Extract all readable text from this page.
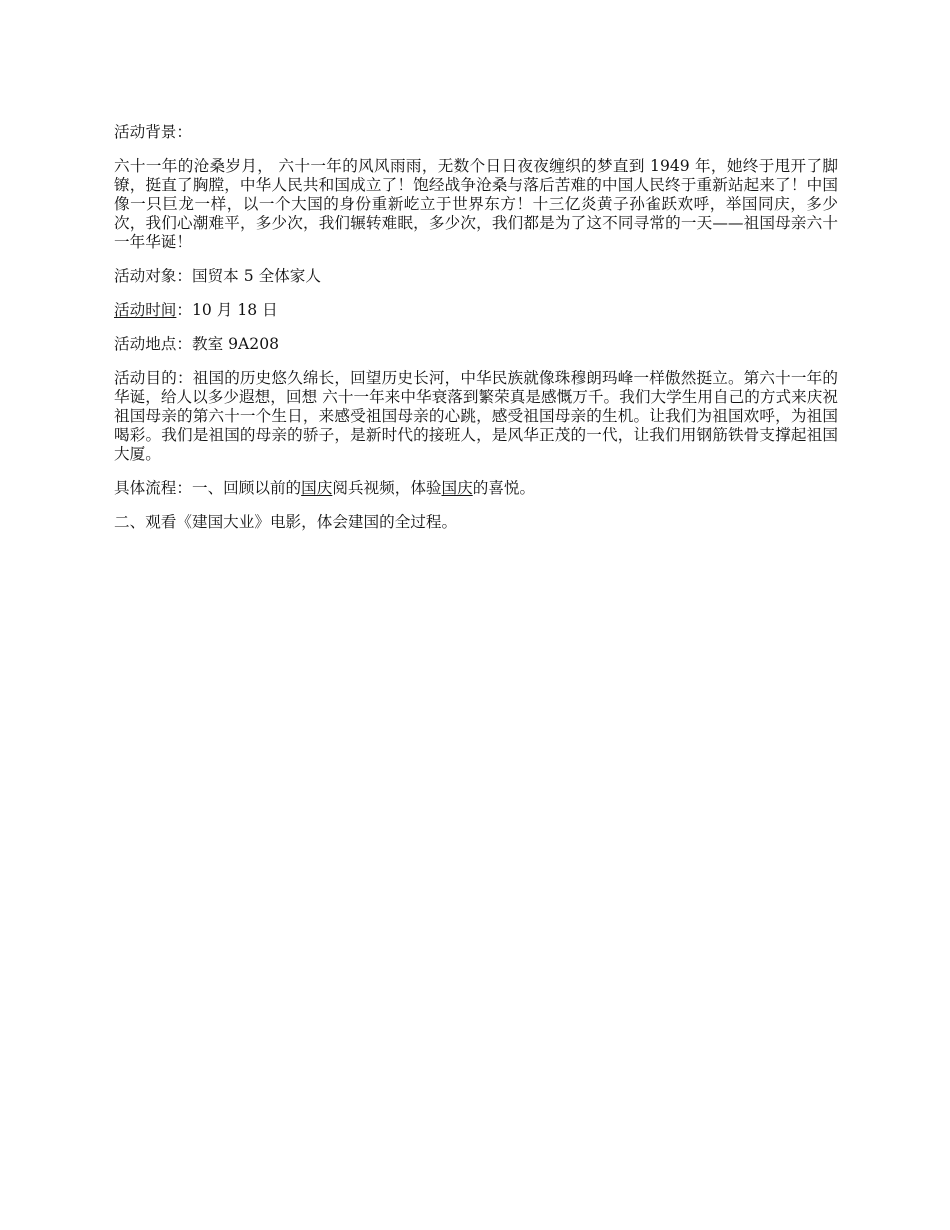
活动背景：

六十一年的沧桑岁月， 六十一年的风风雨雨，无数个日日夜夜缠织的梦直到 1949 年，她终于甩开了脚镣，挺直了胸膛，中华人民共和国成立了！饱经战争沧桑与落后苦难的中国人民终于重新站起来了！中国像一只巨龙一样，以一个大国的身份重新屹立于世界东方！十三亿炎黄子孙雀跃欢呼，举国同庆，多少次，我们心潮难平，多少次，我们辗转难眠，多少次，我们都是为了这不同寻常的一天——祖国母亲六十一年华诞！

活动对象：国贸本 5 全体家人

活动时间：10 月 18 日

活动地点：教室 9A208

活动目的：祖国的历史悠久绵长，回望历史长河，中华民族就像珠穆朗玛峰一样傲然挺立。第六十一年的华诞，给人以多少遐想，回想 六十一年来中华衰落到繁荣真是感慨万千。我们大学生用自己的方式来庆祝祖国母亲的第六十一个生日，来感受祖国母亲的心跳，感受祖国母亲的生机。让我们为祖国欢呼，为祖国喝彩。我们是祖国的母亲的骄子，是新时代的接班人，是风华正茂的一代，让我们用钢筋铁骨支撑起祖国大厦。

具体流程：一、回顾以前的国庆阅兵视频，体验国庆的喜悦。

二、观看《建国大业》电影，体会建国的全过程。
